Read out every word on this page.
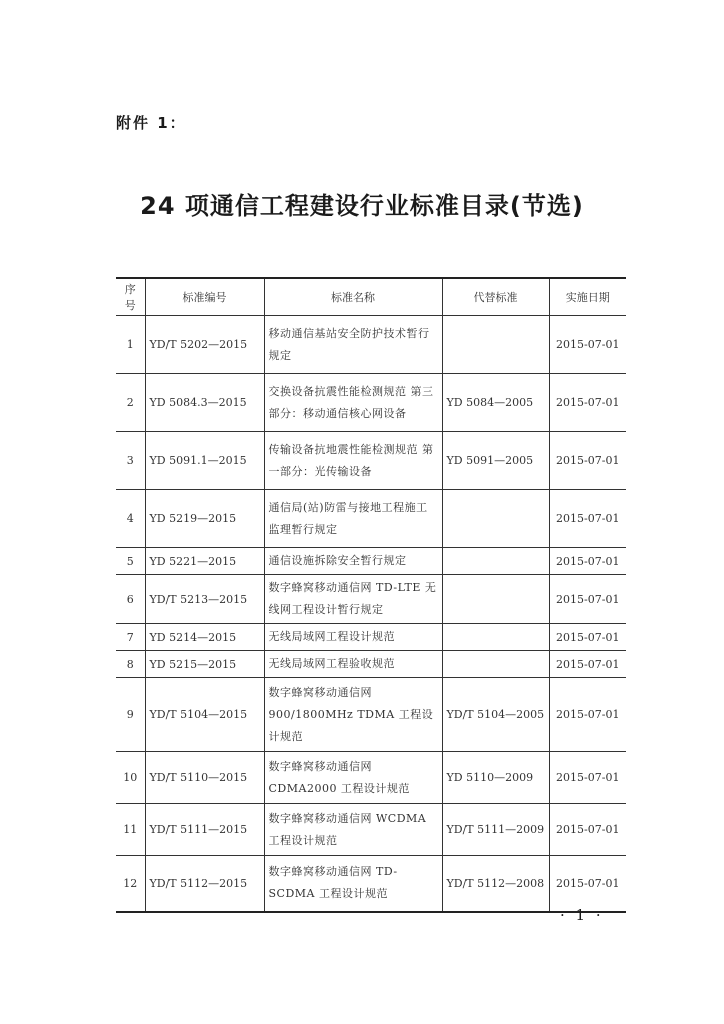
附件 1：
24 项通信工程建设行业标准目录(节选)
序号	标准编号	标准名称	代替标准	实施日期
1	YD/T 5202—2015	移动通信基站安全防护技术暂行规定		2015-07-01
2	YD 5084.3—2015	交换设备抗震性能检测规范 第三部分：移动通信核心网设备	YD 5084—2005	2015-07-01
3	YD 5091.1—2015	传输设备抗地震性能检测规范 第一部分：光传输设备	YD 5091—2005	2015-07-01
4	YD 5219—2015	通信局(站)防雷与接地工程施工监理暂行规定		2015-07-01
5	YD 5221—2015	通信设施拆除安全暂行规定		2015-07-01
6	YD/T 5213—2015	数字蜂窝移动通信网 TD-LTE 无线网工程设计暂行规定		2015-07-01
7	YD 5214—2015	无线局域网工程设计规范		2015-07-01
8	YD 5215—2015	无线局域网工程验收规范		2015-07-01
9	YD/T 5104—2015	数字蜂窝移动通信网 900/1800MHz TDMA 工程设计规范	YD/T 5104—2005	2015-07-01
10	YD/T 5110—2015	数字蜂窝移动通信网 CDMA2000 工程设计规范	YD 5110—2009	2015-07-01
11	YD/T 5111—2015	数字蜂窝移动通信网 WCDMA 工程设计规范	YD/T 5111—2009	2015-07-01
12	YD/T 5112—2015	数字蜂窝移动通信网 TD-SCDMA 工程设计规范	YD/T 5112—2008	2015-07-01
· 1 ·
